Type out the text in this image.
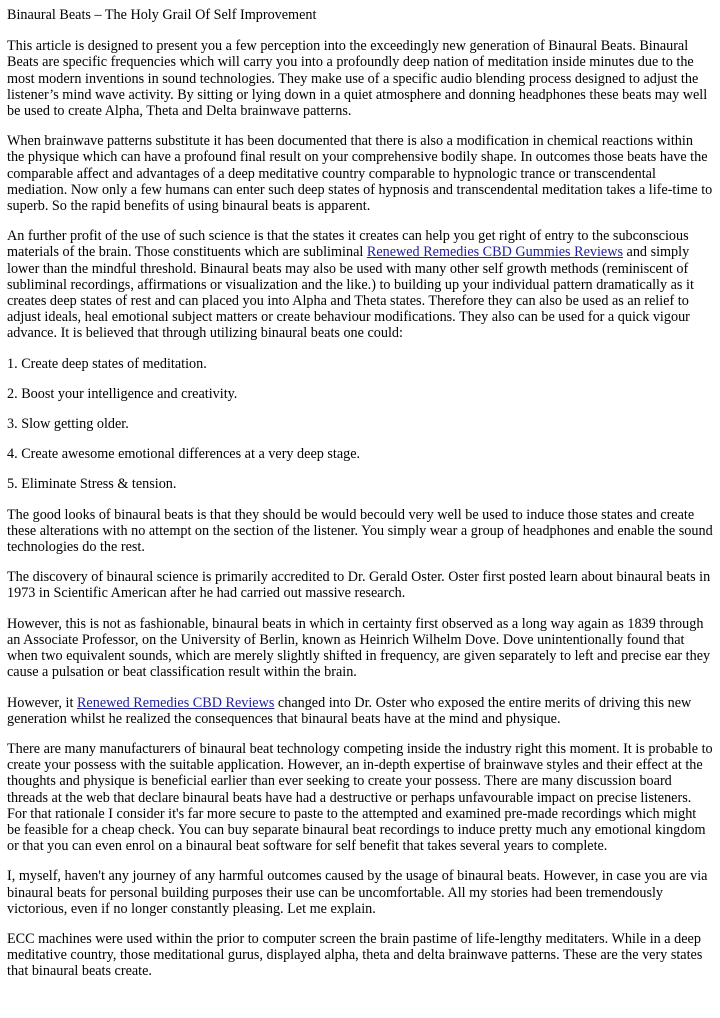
Binaural Beats – The Holy Grail Of Self Improvement

This article is designed to present you a few perception into the exceedingly new generation of Binaural Beats. Binaural Beats are specific frequencies which will carry you into a profoundly deep nation of meditation inside minutes due to the most modern inventions in sound technologies. They make use of a specific audio blending process designed to adjust the listener’s mind wave activity. By sitting or lying down in a quiet atmosphere and donning headphones these beats may well be used to create Alpha, Theta and Delta brainwave patterns.

When brainwave patterns substitute it has been documented that there is also a modification in chemical reactions within the physique which can have a profound final result on your comprehensive bodily shape. In outcomes those beats have the comparable affect and advantages of a deep meditative country comparable to hypnologic trance or transcendental mediation. Now only a few humans can enter such deep states of hypnosis and transcendental meditation takes a life-time to superb. So the rapid benefits of using binaural beats is apparent.

An further profit of the use of such science is that the states it creates can help you get right of entry to the subconscious materials of the brain. Those constituents which are subliminal Renewed Remedies CBD Gummies Reviews and simply lower than the mindful threshold. Binaural beats may also be used with many other self growth methods (reminiscent of subliminal recordings, affirmations or visualization and the like.) to building up your individual pattern dramatically as it creates deep states of rest and can placed you into Alpha and Theta states. Therefore they can also be used as an relief to adjust ideals, heal emotional subject matters or create behaviour modifications. They also can be used for a quick vigour advance. It is believed that through utilizing binaural beats one could:

1. Create deep states of meditation.

2. Boost your intelligence and creativity.

3. Slow getting older.

4. Create awesome emotional differences at a very deep stage.

5. Eliminate Stress & tension.

The good looks of binaural beats is that they should be would becould very well be used to induce those states and create these alterations with no attempt on the section of the listener. You simply wear a group of headphones and enable the sound technologies do the rest.

The discovery of binaural science is primarily accredited to Dr. Gerald Oster. Oster first posted learn about binaural beats in 1973 in Scientific American after he had carried out massive research.

However, this is not as fashionable, binaural beats in which in certainty first observed as a long way again as 1839 through an Associate Professor, on the University of Berlin, known as Heinrich Wilhelm Dove. Dove unintentionally found that when two equivalent sounds, which are merely slightly shifted in frequency, are given separately to left and precise ear they cause a pulsation or beat classification result within the brain.

However, it Renewed Remedies CBD Reviews changed into Dr. Oster who exposed the entire merits of driving this new generation whilst he realized the consequences that binaural beats have at the mind and physique.

There are many manufacturers of binaural beat technology competing inside the industry right this moment. It is probable to create your possess with the suitable application. However, an in-depth expertise of brainwave styles and their effect at the thoughts and physique is beneficial earlier than ever seeking to create your possess. There are many discussion board threads at the web that declare binaural beats have had a destructive or perhaps unfavourable impact on precise listeners. For that rationale I consider it's far more secure to paste to the attempted and examined pre-made recordings which might be feasible for a cheap check. You can buy separate binaural beat recordings to induce pretty much any emotional kingdom or that you can even enrol on a binaural beat software for self benefit that takes several years to complete.

I, myself, haven't any journey of any harmful outcomes caused by the usage of binaural beats. However, in case you are via binaural beats for personal building purposes their use can be uncomfortable. All my stories had been tremendously victorious, even if no longer constantly pleasing. Let me explain.

ECC machines were used within the prior to computer screen the brain pastime of life-lengthy meditaters. While in a deep meditative country, those meditational gurus, displayed alpha, theta and delta brainwave patterns. These are the very states that binaural beats create.
